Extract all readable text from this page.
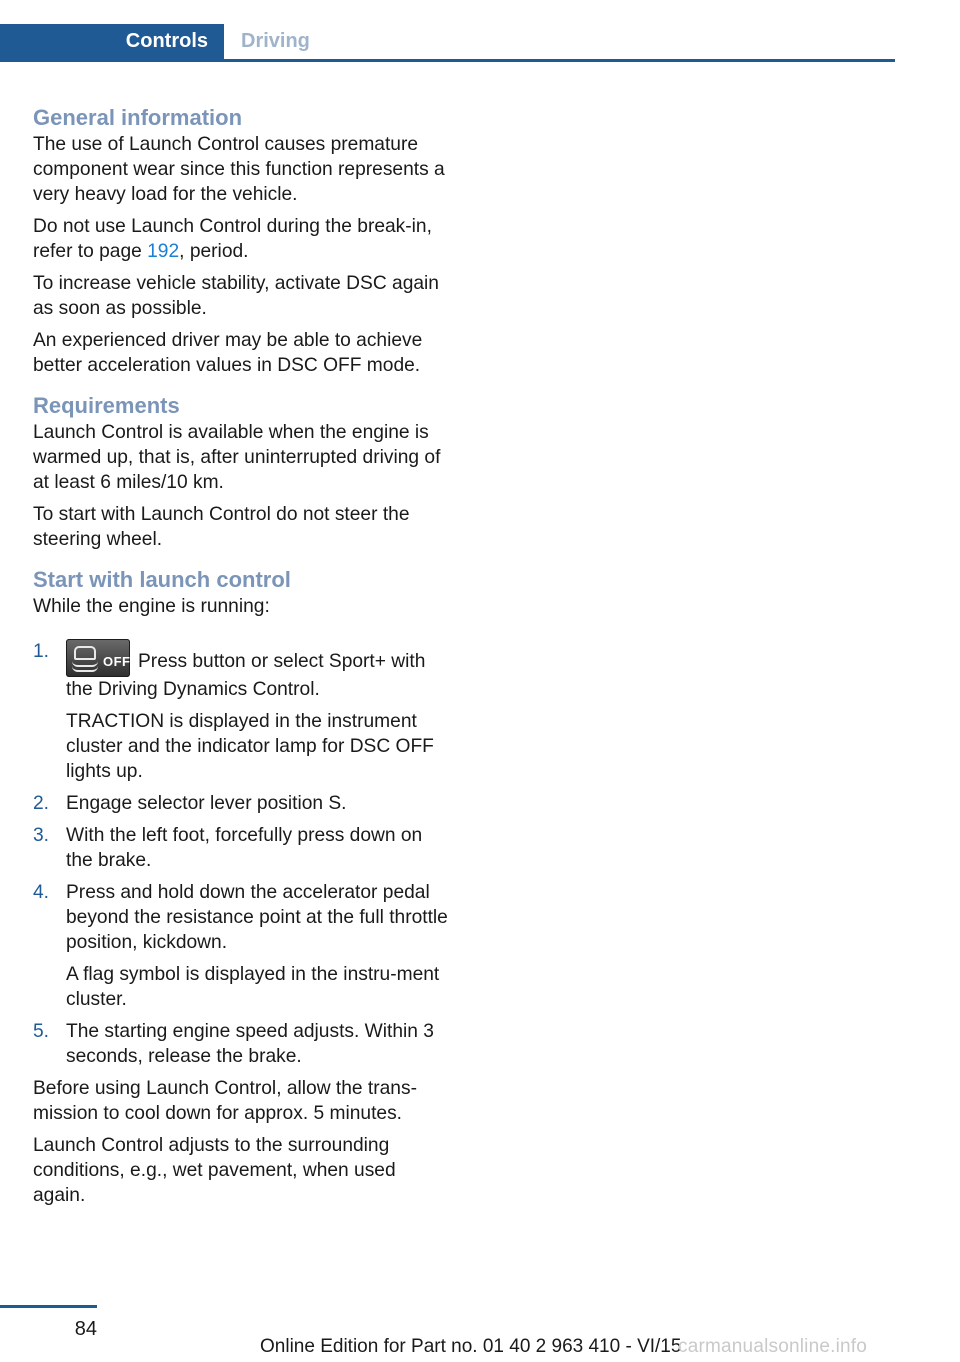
Controls	Driving
General information

The use of Launch Control causes premature component wear since this function represents a very heavy load for the vehicle.

Do not use Launch Control during the break-in, refer to page 192, period.

To increase vehicle stability, activate DSC again as soon as possible.

An experienced driver may be able to achieve better acceleration values in DSC OFF mode.

Requirements

Launch Control is available when the engine is warmed up, that is, after uninterrupted driving of at least 6 miles/10 km.

To start with Launch Control do not steer the steering wheel.

Start with launch control

While the engine is running:

1.	OFF Press button or select Sport+ with the Driving Dynamics Control.
TRACTION is displayed in the instrument cluster and the indicator lamp for DSC OFF lights up.
2. Engage selector lever position S.
3. With the left foot, forcefully press down on the brake.
4. Press and hold down the accelerator pedal beyond the resistance point at the full throttle position, kickdown.
A flag symbol is displayed in the instru-ment cluster.
5. The starting engine speed adjusts. Within 3 seconds, release the brake.

Before using Launch Control, allow the trans-mission to cool down for approx. 5 minutes.

Launch Control adjusts to the surrounding conditions, e.g., wet pavement, when used again.

84
Online Edition for Part no. 01 40 2 963 410 - VI/15
carmanualsonline.info
